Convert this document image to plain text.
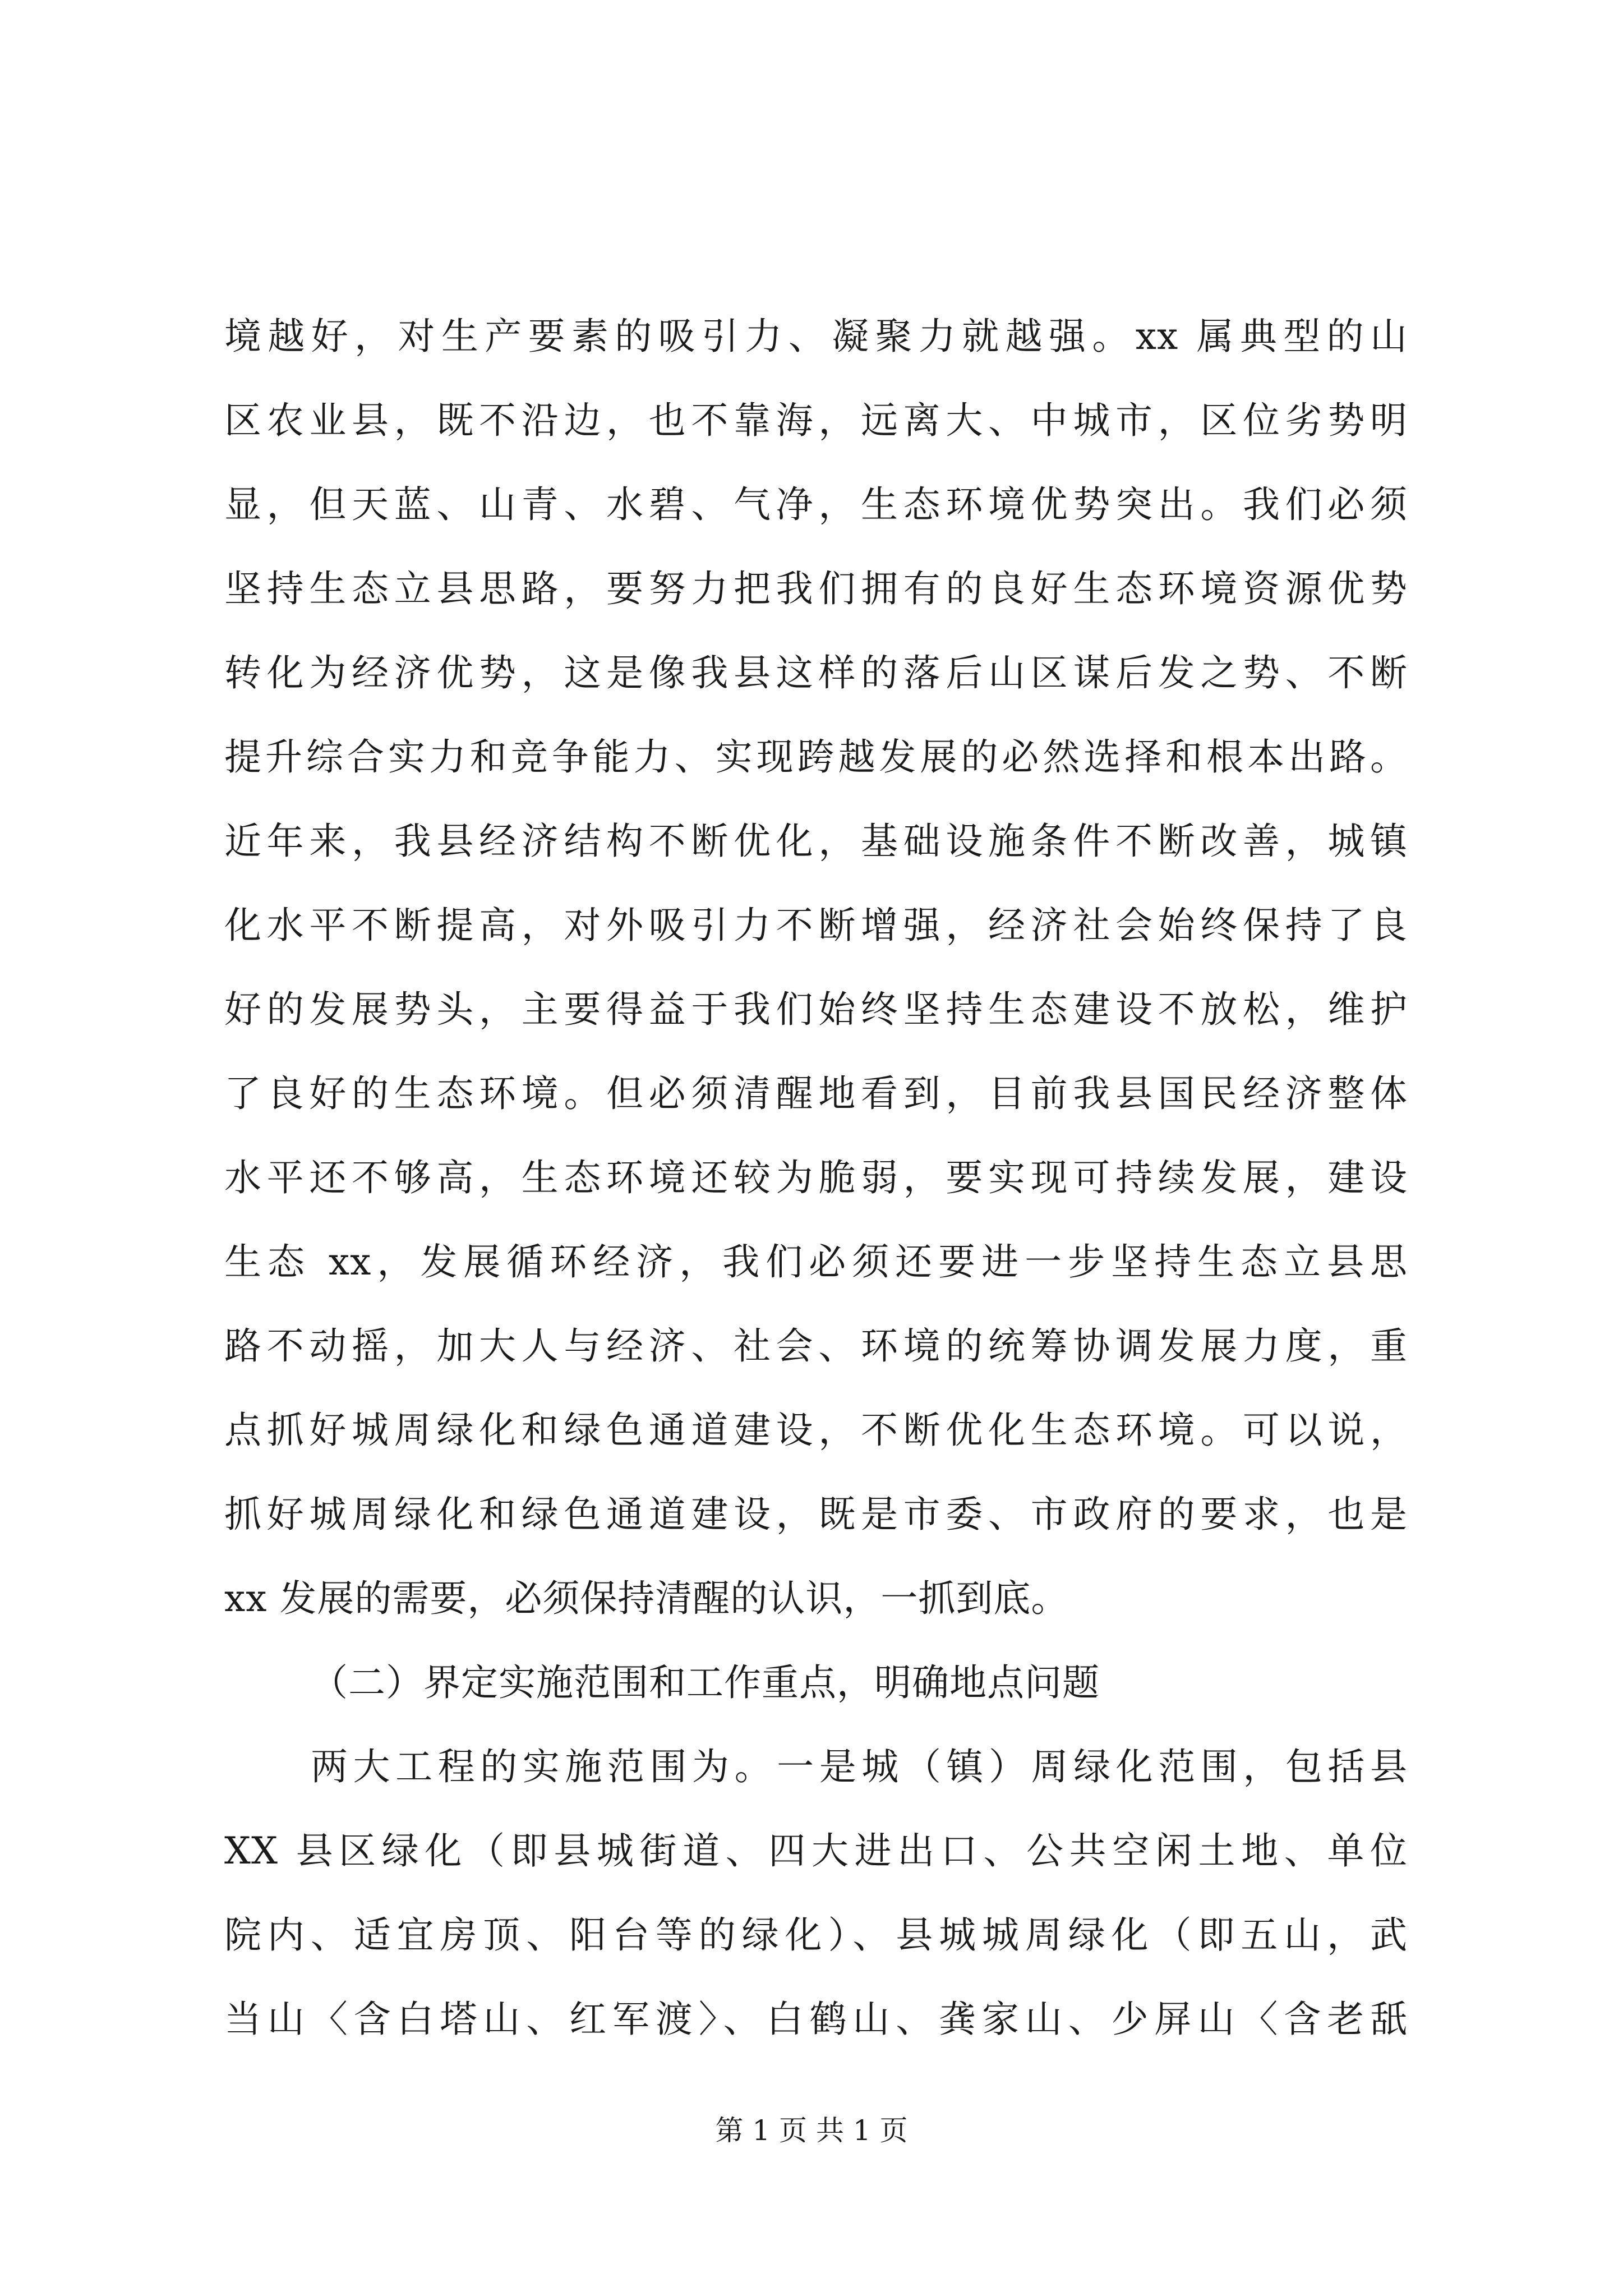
境越好，对生产要素的吸引力、凝聚力就越强。xx 属典型的山
区农业县，既不沿边，也不靠海，远离大、中城市，区位劣势明
显，但天蓝、山青、水碧、气净，生态环境优势突出。我们必须
坚持生态立县思路，要努力把我们拥有的良好生态环境资源优势
转化为经济优势，这是像我县这样的落后山区谋后发之势、不断
提升综合实力和竞争能力、实现跨越发展的必然选择和根本出路。
近年来，我县经济结构不断优化，基础设施条件不断改善，城镇
化水平不断提高，对外吸引力不断增强，经济社会始终保持了良
好的发展势头，主要得益于我们始终坚持生态建设不放松，维护
了良好的生态环境。但必须清醒地看到，目前我县国民经济整体
水平还不够高，生态环境还较为脆弱，要实现可持续发展，建设
生态 xx，发展循环经济，我们必须还要进一步坚持生态立县思
路不动摇，加大人与经济、社会、环境的统筹协调发展力度，重
点抓好城周绿化和绿色通道建设，不断优化生态环境。可以说，
抓好城周绿化和绿色通道建设，既是市委、市政府的要求，也是
xx 发展的需要，必须保持清醒的认识，一抓到底。
（二）界定实施范围和工作重点，明确地点问题
两大工程的实施范围为。一是城（镇）周绿化范围，包括县
XX 县区绿化（即县城街道、四大进出口、公共空闲土地、单位
院内、适宜房顶、阳台等的绿化）、县城城周绿化（即五山，武
当山〈含白塔山、红军渡〉、白鹤山、龚家山、少屏山〈含老舐
第 1 页 共 1 页
